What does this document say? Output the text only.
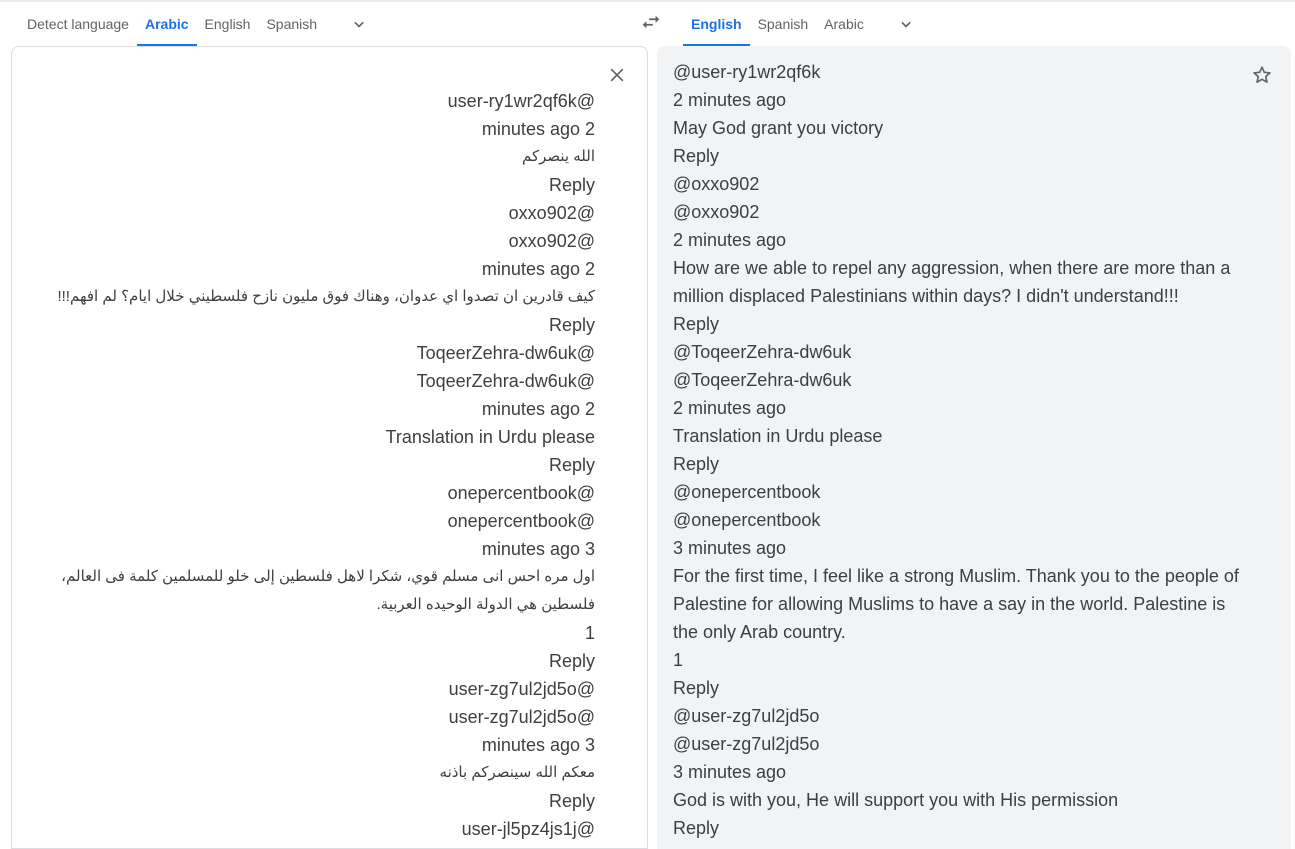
Detect language	Arabic	English	Spanish	English	Spanish	Arabic
user-ry1wr2qf6k@
minutes ago 2
الله ينصركم
Reply
oxxo902@
oxxo902@
minutes ago 2
كيف قادرين ان تصدوا اي عدوان، وهناك فوق مليون نازح فلسطيني خلال ايام؟ لم افهم!!!
Reply
ToqeerZehra-dw6uk@
ToqeerZehra-dw6uk@
minutes ago 2
Translation in Urdu please
Reply
onepercentbook@
onepercentbook@
minutes ago 3
اول مره احس انى مسلم قوي، شكرا لاهل فلسطين إلى خلو للمسلمين كلمة فى العالم، فلسطين هي الدولة الوحيده العربية.
1
Reply
user-zg7ul2jd5o@
user-zg7ul2jd5o@
minutes ago 3
معكم الله سينصركم باذنه
Reply
user-jl5pz4js1j@
@user-ry1wr2qf6k
2 minutes ago
May God grant you victory
Reply
@oxxo902
@oxxo902
2 minutes ago
How are we able to repel any aggression, when there are more than a million displaced Palestinians within days? I didn't understand!!!
Reply
@ToqeerZehra-dw6uk
@ToqeerZehra-dw6uk
2 minutes ago
Translation in Urdu please
Reply
@onepercentbook
@onepercentbook
3 minutes ago
For the first time, I feel like a strong Muslim. Thank you to the people of Palestine for allowing Muslims to have a say in the world. Palestine is the only Arab country.
1
Reply
@user-zg7ul2jd5o
@user-zg7ul2jd5o
3 minutes ago
God is with you, He will support you with His permission
Reply
